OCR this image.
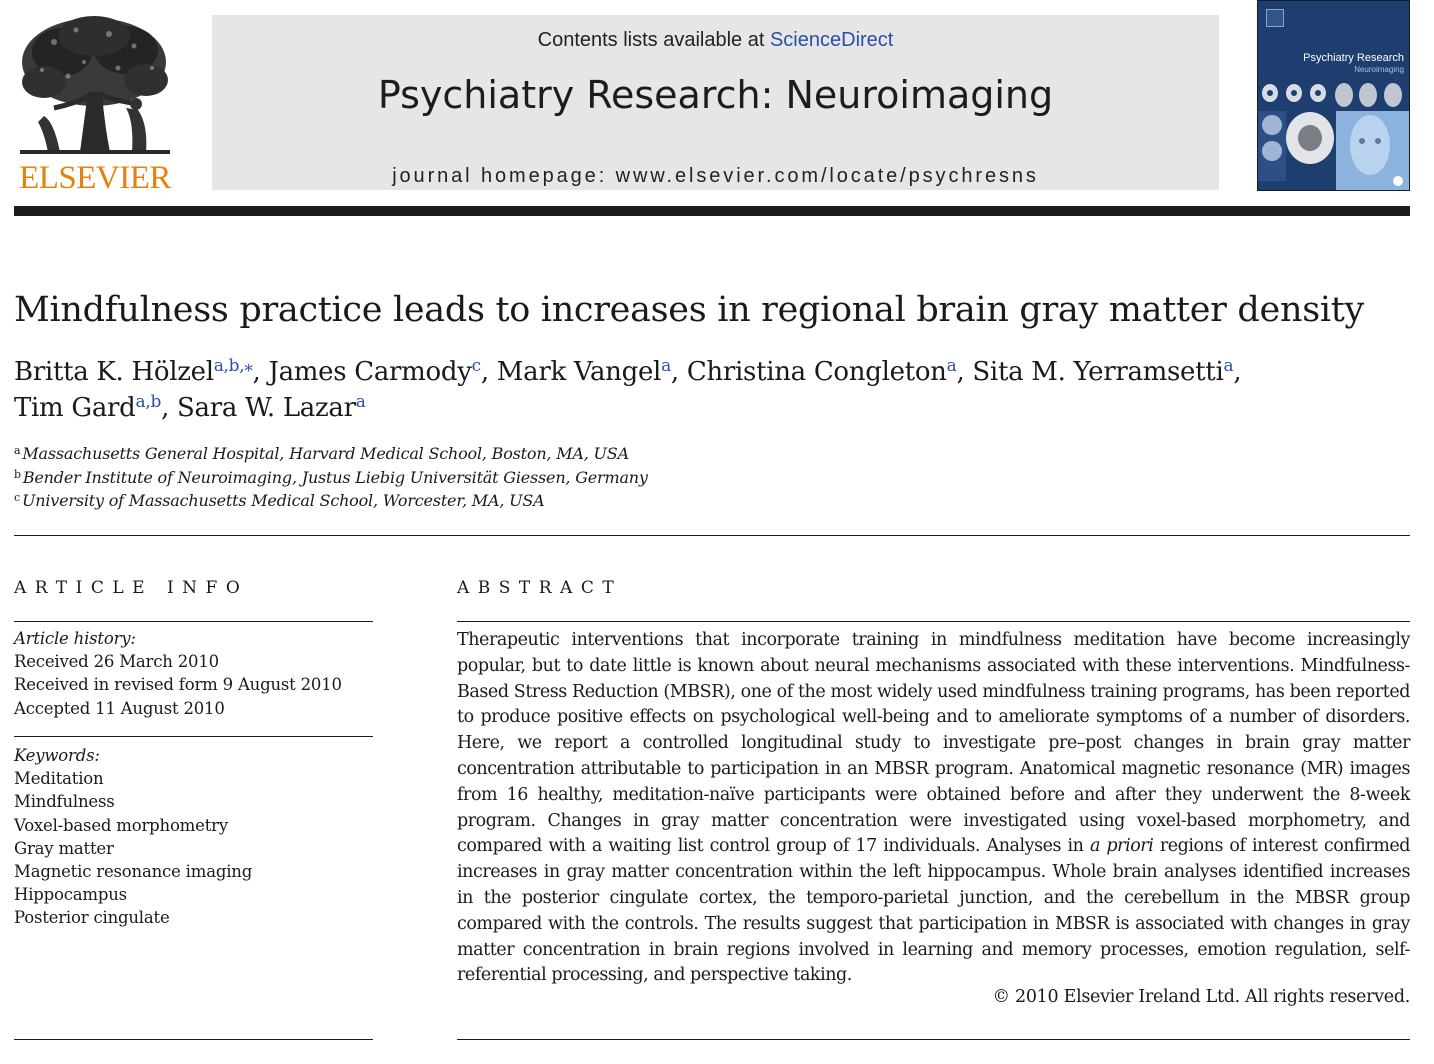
ELSEVIER
Contents lists available at ScienceDirect
Psychiatry Research: Neuroimaging
journal homepage: www.elsevier.com/locate/psychresns
Psychiatry Research
Neuroimaging
Mindfulness practice leads to increases in regional brain gray matter density
Britta K. Hölzel$^{a,b,⁎}$, James Carmody$^c$, Mark Vangel$^a$, Christina Congleton$^a$, Sita M. Yerramsetti$^a$,
Tim Gard$^{a,b}$, Sara W. Lazar$^a$
$^a$ Massachusetts General Hospital, Harvard Medical School, Boston, MA, USA
$^b$ Bender Institute of Neuroimaging, Justus Liebig Universität Giessen, Germany
$^c$ University of Massachusetts Medical School, Worcester, MA, USA
ARTICLE INFO
Article history:
Received 26 March 2010
Received in revised form 9 August 2010
Accepted 11 August 2010
Keywords:
Meditation
Mindfulness
Voxel-based morphometry
Gray matter
Magnetic resonance imaging
Hippocampus
Posterior cingulate
ABSTRACT
Therapeutic interventions that incorporate training in mindfulness meditation have become increasingly popular, but to date little is known about neural mechanisms associated with these interventions. Mindfulness-Based Stress Reduction (MBSR), one of the most widely used mindfulness training programs, has been reported to produce positive effects on psychological well-being and to ameliorate symptoms of a number of disorders. Here, we report a controlled longitudinal study to investigate pre–post changes in brain gray matter concentration attributable to participation in an MBSR program. Anatomical magnetic resonance (MR) images from 16 healthy, meditation-naïve participants were obtained before and after they underwent the 8-week program. Changes in gray matter concentration were investigated using voxel-based morphometry, and compared with a waiting list control group of 17 individuals. Analyses in a priori regions of interest confirmed increases in gray matter concentration within the left hippocampus. Whole brain analyses identified increases in the posterior cingulate cortex, the temporo-parietal junction, and the cerebellum in the MBSR group compared with the controls. The results suggest that participation in MBSR is associated with changes in gray matter concentration in brain regions involved in learning and memory processes, emotion regulation, self-referential processing, and perspective taking.
© 2010 Elsevier Ireland Ltd. All rights reserved.
